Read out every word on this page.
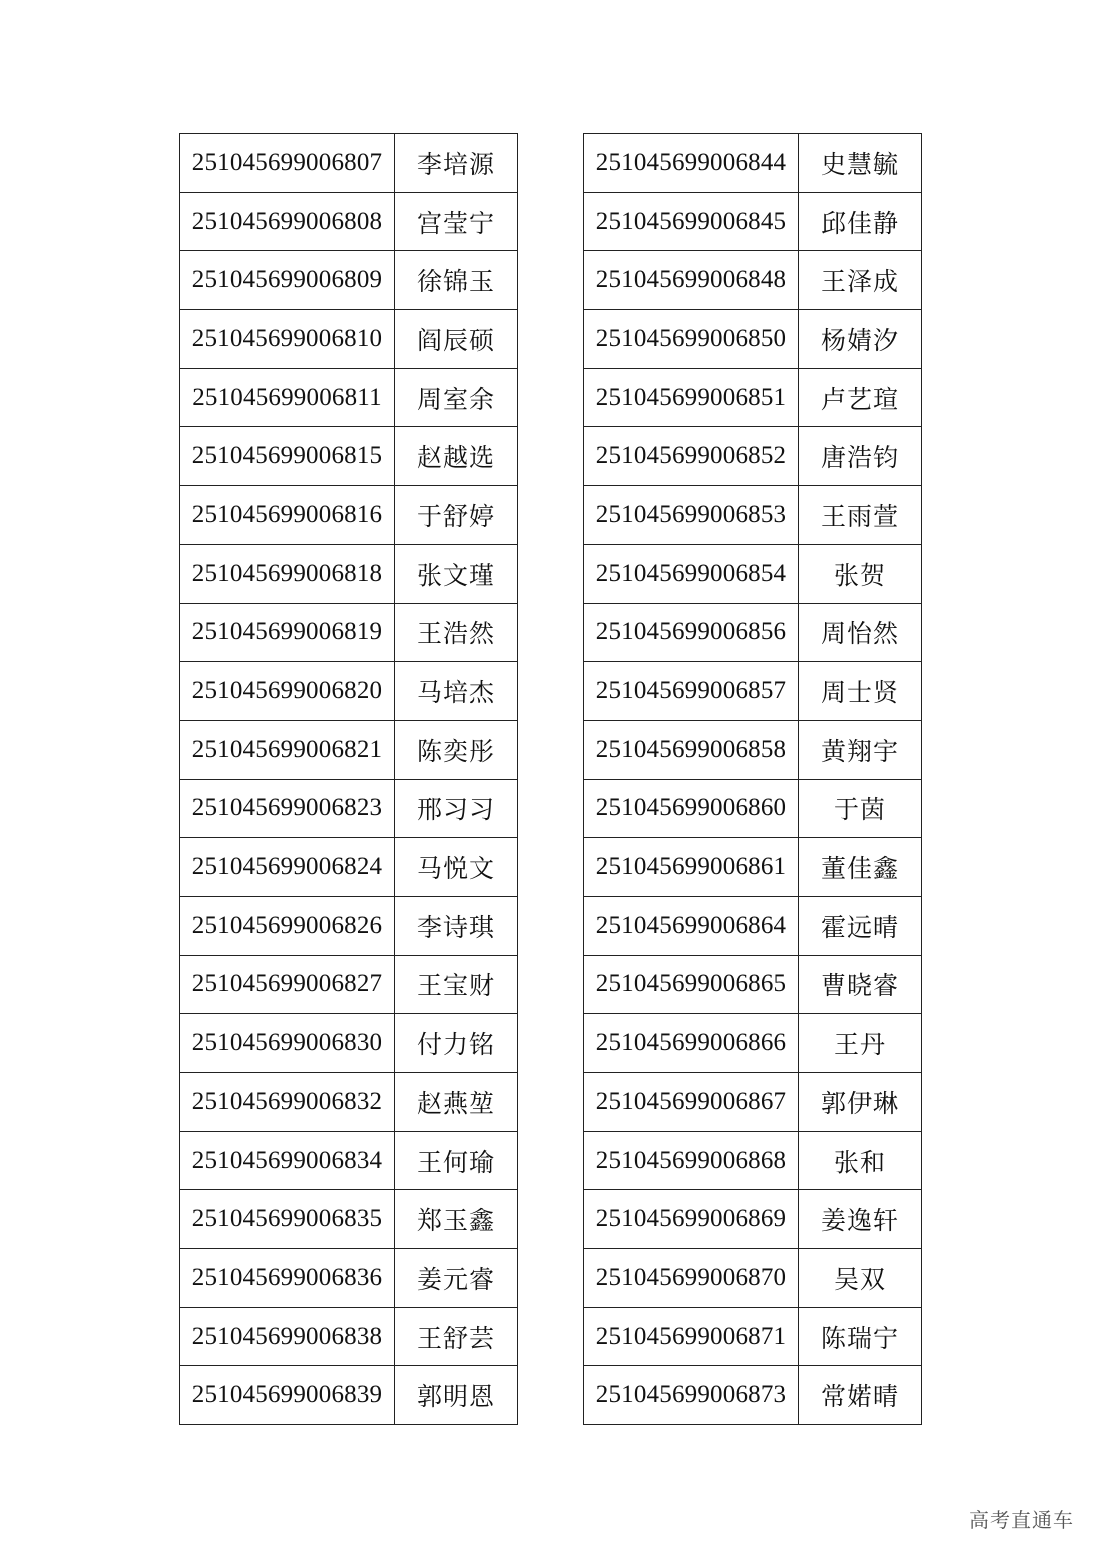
251045699006807	李培源
251045699006808	宫莹宁
251045699006809	徐锦玉
251045699006810	阎辰硕
251045699006811	周室余
251045699006815	赵越选
251045699006816	于舒婷
251045699006818	张文瑾
251045699006819	王浩然
251045699006820	马培杰
251045699006821	陈奕彤
251045699006823	邢习习
251045699006824	马悦文
251045699006826	李诗琪
251045699006827	王宝财
251045699006830	付力铭
251045699006832	赵燕堃
251045699006834	王何瑜
251045699006835	郑玉鑫
251045699006836	姜元睿
251045699006838	王舒芸
251045699006839	郭明恩
251045699006844	史慧毓
251045699006845	邱佳静
251045699006848	王泽成
251045699006850	杨婧汐
251045699006851	卢艺瑄
251045699006852	唐浩钧
251045699006853	王雨萱
251045699006854	张贺
251045699006856	周怡然
251045699006857	周士贤
251045699006858	黄翔宇
251045699006860	于茵
251045699006861	董佳鑫
251045699006864	霍远晴
251045699006865	曹晓睿
251045699006866	王丹
251045699006867	郭伊琳
251045699006868	张和
251045699006869	姜逸轩
251045699006870	吴双
251045699006871	陈瑞宁
251045699006873	常婼晴
高考直通车
